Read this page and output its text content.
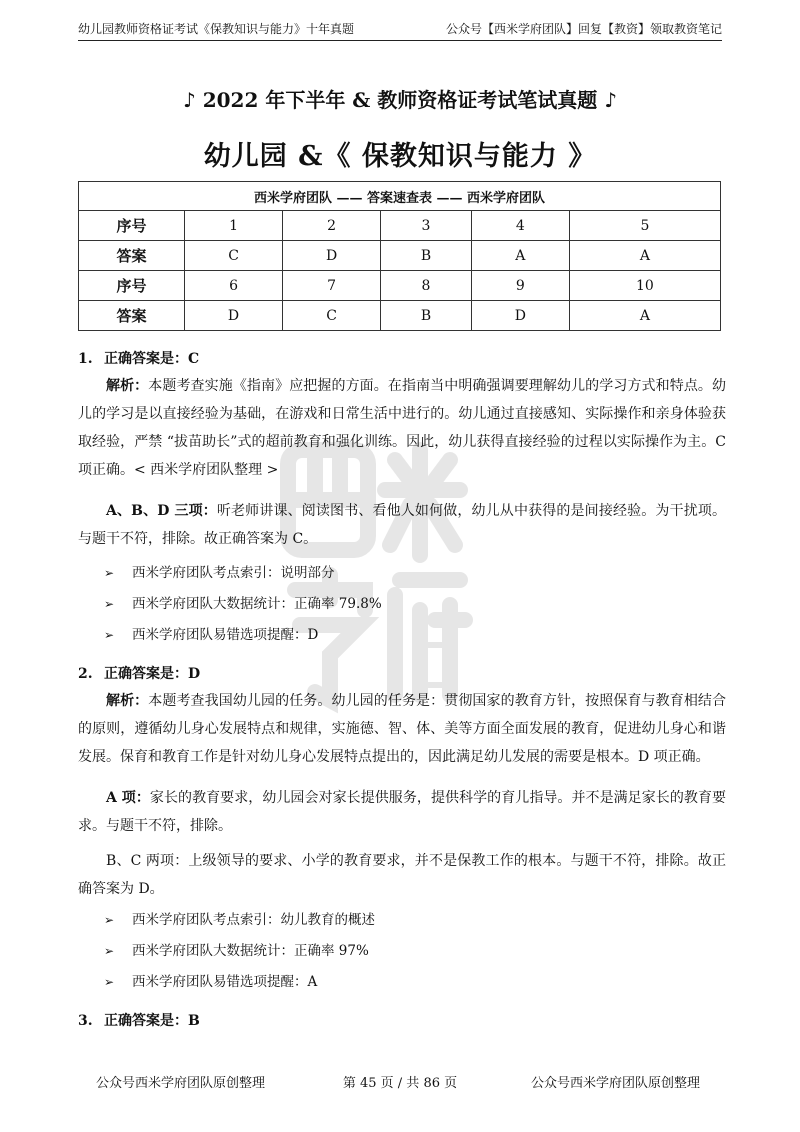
幼儿园教师资格证考试《保教知识与能力》十年真题	公众号【西米学府团队】回复【教资】领取教资笔记
♪ 2022 年下半年 & 教师资格证考试笔试真题 ♪
幼儿园 &《 保教知识与能力 》
西米学府团队 —— 答案速查表 —— 西米学府团队					
序号	1	2	3	4	5
答案	C	D	B	A	A
序号	6	7	8	9	10
答案	D	C	B	D	A
1. 正确答案是：C
解析：本题考查实施《指南》应把握的方面。在指南当中明确强调要理解幼儿的学习方式和特点。幼儿的学习是以直接经验为基础，在游戏和日常生活中进行的。幼儿通过直接感知、实际操作和亲身体验获取经验，严禁 “拔苗助长”式的超前教育和强化训练。因此，幼儿获得直接经验的过程以实际操作为主。C 项正确。< 西米学府团队整理 >
A、B、D 三项：听老师讲课、阅读图书、看他人如何做，幼儿从中获得的是间接经验。为干扰项。与题干不符，排除。故正确答案为 C。
➢ 西米学府团队考点索引：说明部分
➢ 西米学府团队大数据统计：正确率 79.8%
➢ 西米学府团队易错选项提醒：D
2. 正确答案是：D
解析：本题考查我国幼儿园的任务。幼儿园的任务是：贯彻国家的教育方针，按照保育与教育相结合的原则，遵循幼儿身心发展特点和规律，实施德、智、体、美等方面全面发展的教育，促进幼儿身心和谐发展。保育和教育工作是针对幼儿身心发展特点提出的，因此满足幼儿发展的需要是根本。D 项正确。
A 项：家长的教育要求，幼儿园会对家长提供服务，提供科学的育儿指导。并不是满足家长的教育要求。与题干不符，排除。
B、C 两项：上级领导的要求、小学的教育要求，并不是保教工作的根本。与题干不符，排除。故正确答案为 D。
➢ 西米学府团队考点索引：幼儿教育的概述
➢ 西米学府团队大数据统计：正确率 97%
➢ 西米学府团队易错选项提醒：A
3. 正确答案是：B
公众号西米学府团队原创整理	第 45 页 / 共 86 页	公众号西米学府团队原创整理
